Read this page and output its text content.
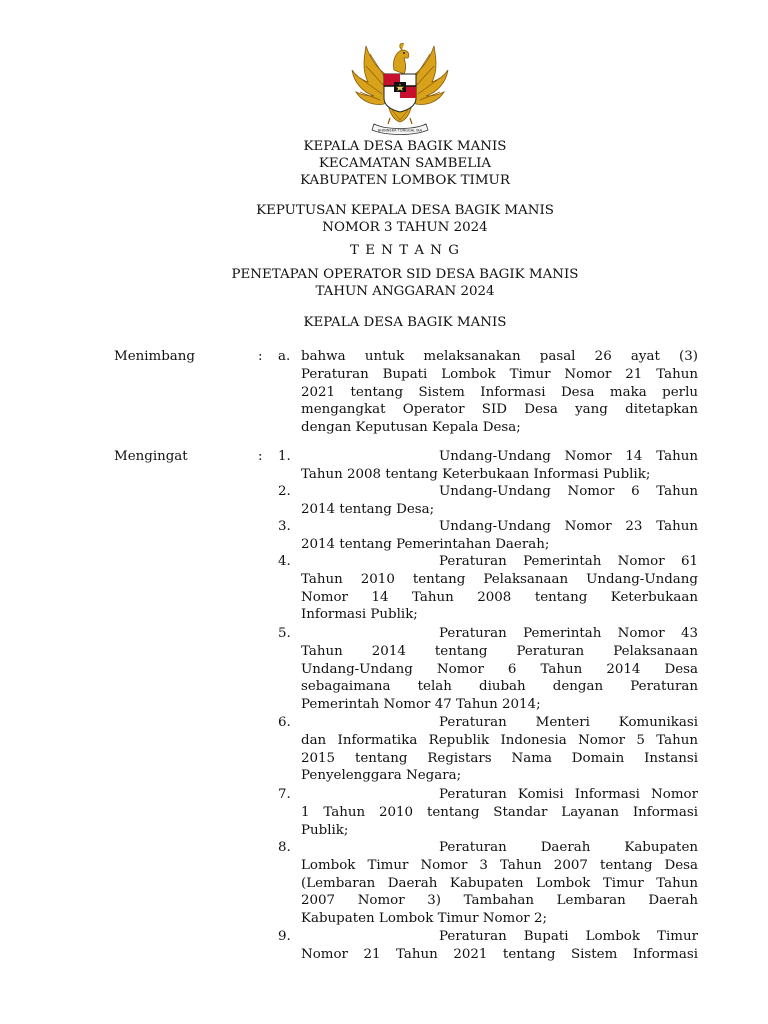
BHINNEKA TUNGGAL IKA
KEPALA DESA BAGIK MANIS
KECAMATAN SAMBELIA
KABUPATEN LOMBOK TIMUR
KEPUTUSAN KEPALA DESA BAGIK MANIS
NOMOR 3 TAHUN 2024
T E N T A N G
PENETAPAN OPERATOR SID DESA BAGIK MANIS
TAHUN ANGGARAN 2024
KEPALA DESA BAGIK MANIS
Menimbang	: a. bahwa untuk melaksanakan pasal 26 ayat (3)
Peraturan Bupati Lombok Timur Nomor 21 Tahun
2021 tentang Sistem Informasi Desa maka perlu
mengangkat Operator SID Desa yang ditetapkan
dengan Keputusan Kepala Desa;
Mengingat	: 1.	Undang-Undang Nomor 14 Tahun
Tahun 2008 tentang Keterbukaan Informasi Publik;
2.	Undang-Undang Nomor 6 Tahun
2014 tentang Desa;
3.	Undang-Undang Nomor 23 Tahun
2014 tentang Pemerintahan Daerah;
4.	Peraturan Pemerintah Nomor 61
Tahun 2010 tentang Pelaksanaan Undang-Undang
Nomor 14 Tahun 2008 tentang Keterbukaan
Informasi Publik;
5.	Peraturan Pemerintah Nomor 43
Tahun 2014 tentang Peraturan Pelaksanaan
Undang-Undang Nomor 6 Tahun 2014 Desa
sebagaimana telah diubah dengan Peraturan
Pemerintah Nomor 47 Tahun 2014;
6.	Peraturan Menteri Komunikasi
dan Informatika Republik Indonesia Nomor 5 Tahun
2015 tentang Registars Nama Domain Instansi
Penyelenggara Negara;
7.	Peraturan Komisi Informasi Nomor
1 Tahun 2010 tentang Standar Layanan Informasi
Publik;
8.	Peraturan Daerah Kabupaten
Lombok Timur Nomor 3 Tahun 2007 tentang Desa
(Lembaran Daerah Kabupaten Lombok Timur Tahun
2007 Nomor 3) Tambahan Lembaran Daerah
Kabupaten Lombok Timur Nomor 2;
9.	Peraturan Bupati Lombok Timur
Nomor 21 Tahun 2021 tentang Sistem Informasi
